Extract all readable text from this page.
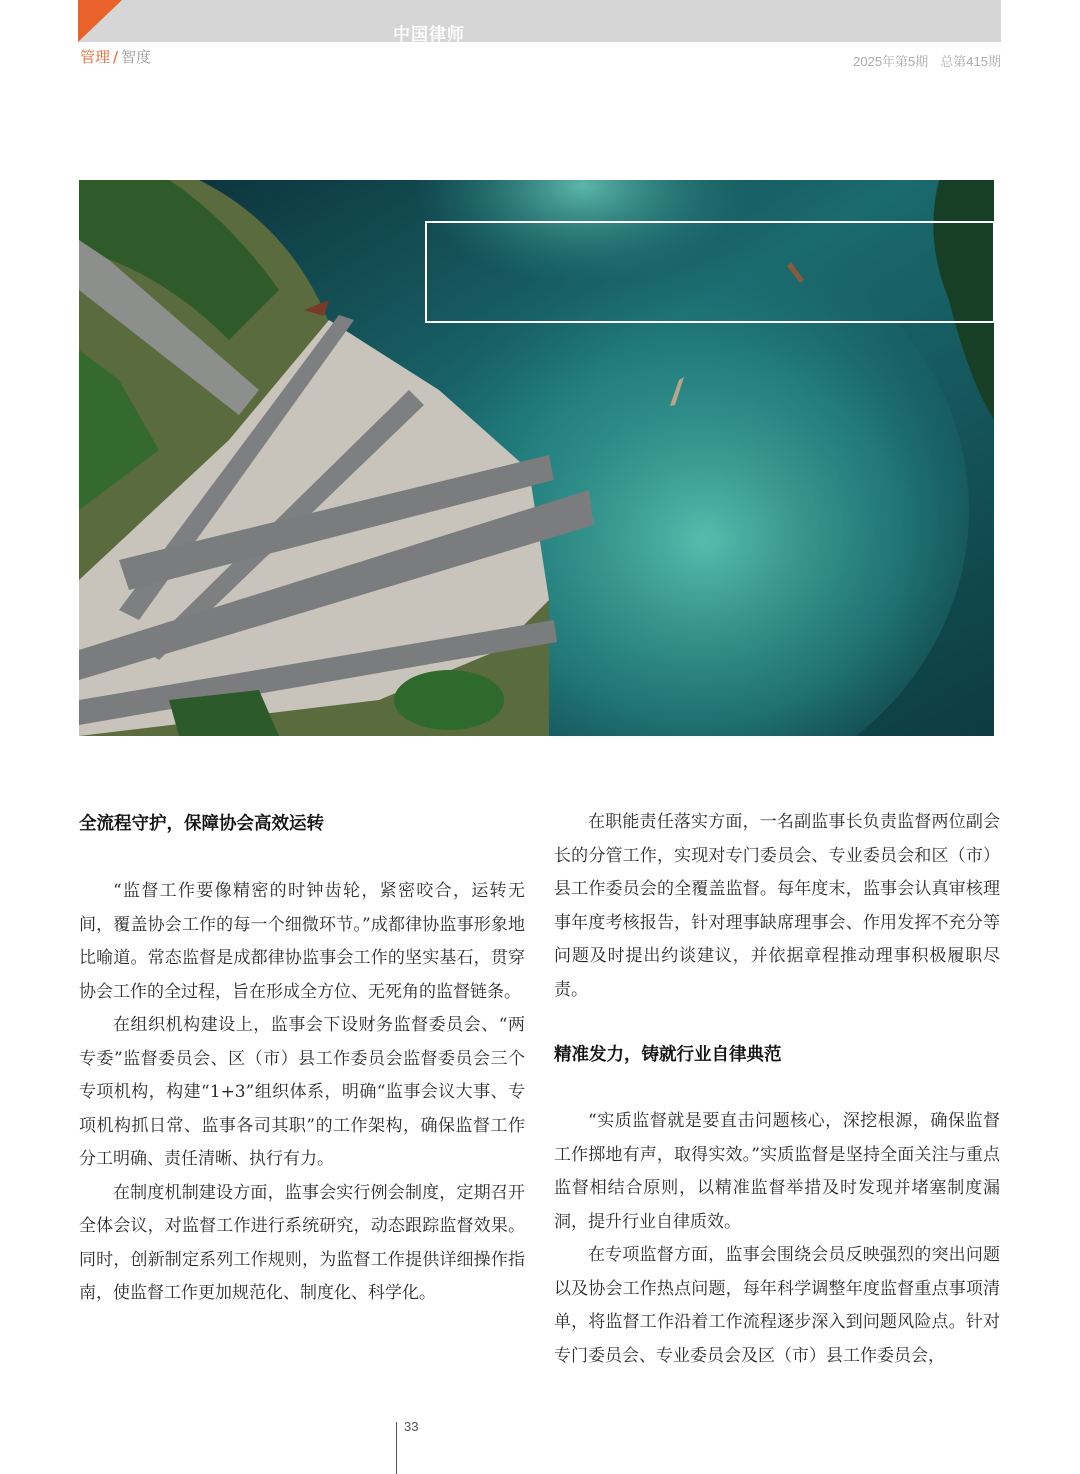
中国律师
管理 / 智度	2025年第5期 总第415期
全流程守护，保障协会高效运转

“监督工作要像精密的时钟齿轮，紧密咬合，运转无间，覆盖协会工作的每一个细微环节。”成都律协监事形象地比喻道。常态监督是成都律协监事会工作的坚实基石，贯穿协会工作的全过程，旨在形成全方位、无死角的监督链条。

在组织机构建设上，监事会下设财务监督委员会、“两专委”监督委员会、区（市）县工作委员会监督委员会三个专项机构，构建“1+3”组织体系，明确“监事会议大事、专项机构抓日常、监事各司其职”的工作架构，确保监督工作分工明确、责任清晰、执行有力。

在制度机制建设方面，监事会实行例会制度，定期召开全体会议，对监督工作进行系统研究，动态跟踪监督效果。同时，创新制定系列工作规则，为监督工作提供详细操作指南，使监督工作更加规范化、制度化、科学化。

在职能责任落实方面，一名副监事长负责监督两位副会长的分管工作，实现对专门委员会、专业委员会和区（市）县工作委员会的全覆盖监督。每年度末，监事会认真审核理事年度考核报告，针对理事缺席理事会、作用发挥不充分等问题及时提出约谈建议，并依据章程推动理事积极履职尽责。

精准发力，铸就行业自律典范

“实质监督就是要直击问题核心，深挖根源，确保监督工作掷地有声，取得实效。”实质监督是坚持全面关注与重点监督相结合原则，以精准监督举措及时发现并堵塞制度漏洞，提升行业自律质效。

在专项监督方面，监事会围绕会员反映强烈的突出问题以及协会工作热点问题，每年科学调整年度监督重点事项清单，将监督工作沿着工作流程逐步深入到问题风险点。针对专门委员会、专业委员会及区（市）县工作委员会，

33
